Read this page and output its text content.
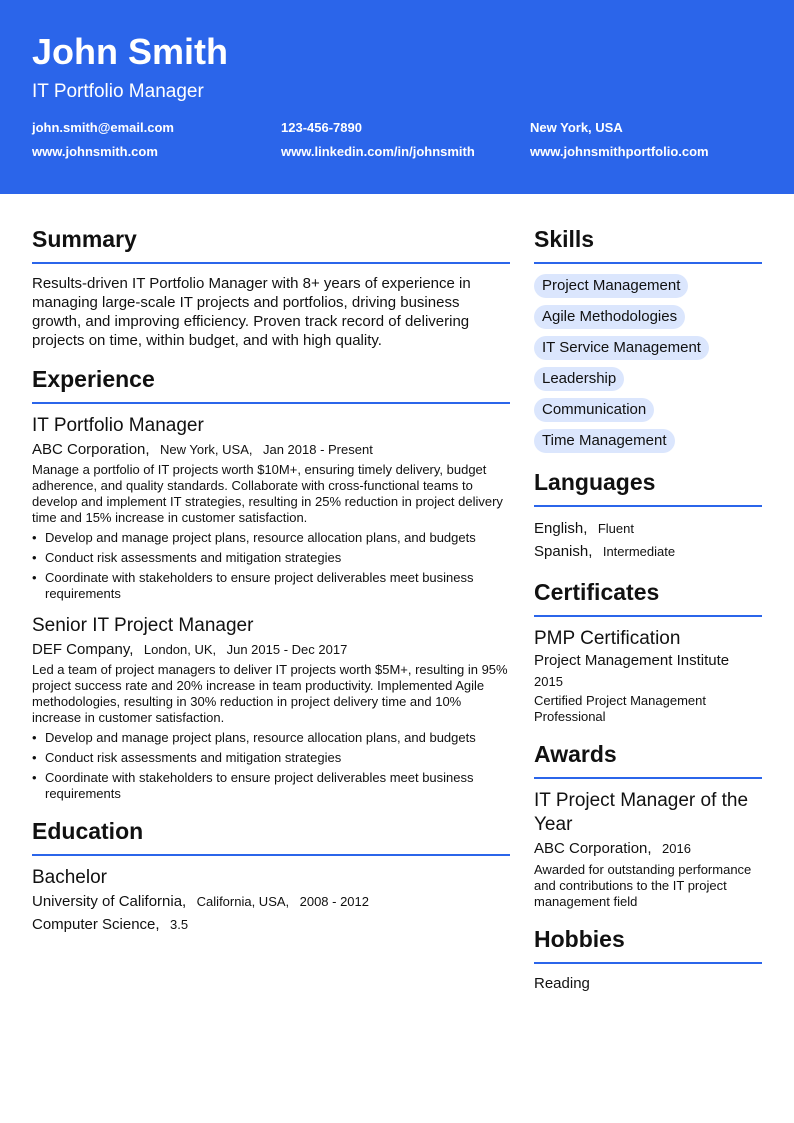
John Smith
IT Portfolio Manager
john.smith@email.com	123-456-7890	New York, USA
www.johnsmith.com	www.linkedin.com/in/johnsmith	www.johnsmithportfolio.com
Summary
Results-driven IT Portfolio Manager with 8+ years of experience in managing large-scale IT projects and portfolios, driving business growth, and improving efficiency. Proven track record of delivering projects on time, within budget, and with high quality.
Experience
IT Portfolio Manager
ABC Corporation, New York, USA, Jan 2018 - Present
Manage a portfolio of IT projects worth $10M+, ensuring timely delivery, budget adherence, and quality standards. Collaborate with cross-functional teams to develop and implement IT strategies, resulting in 25% reduction in project delivery time and 15% increase in customer satisfaction.
• Develop and manage project plans, resource allocation plans, and budgets
• Conduct risk assessments and mitigation strategies
• Coordinate with stakeholders to ensure project deliverables meet business requirements
Senior IT Project Manager
DEF Company, London, UK, Jun 2015 - Dec 2017
Led a team of project managers to deliver IT projects worth $5M+, resulting in 95% project success rate and 20% increase in team productivity. Implemented Agile methodologies, resulting in 30% reduction in project delivery time and 10% increase in customer satisfaction.
• Develop and manage project plans, resource allocation plans, and budgets
• Conduct risk assessments and mitigation strategies
• Coordinate with stakeholders to ensure project deliverables meet business requirements
Education
Bachelor
University of California, California, USA, 2008 - 2012
Computer Science, 3.5
Skills
Project Management
Agile Methodologies
IT Service Management
Leadership
Communication
Time Management
Languages
English, Fluent
Spanish, Intermediate
Certificates
PMP Certification
Project Management Institute
2015
Certified Project Management Professional
Awards
IT Project Manager of the Year
ABC Corporation, 2016
Awarded for outstanding performance and contributions to the IT project management field
Hobbies
Reading
